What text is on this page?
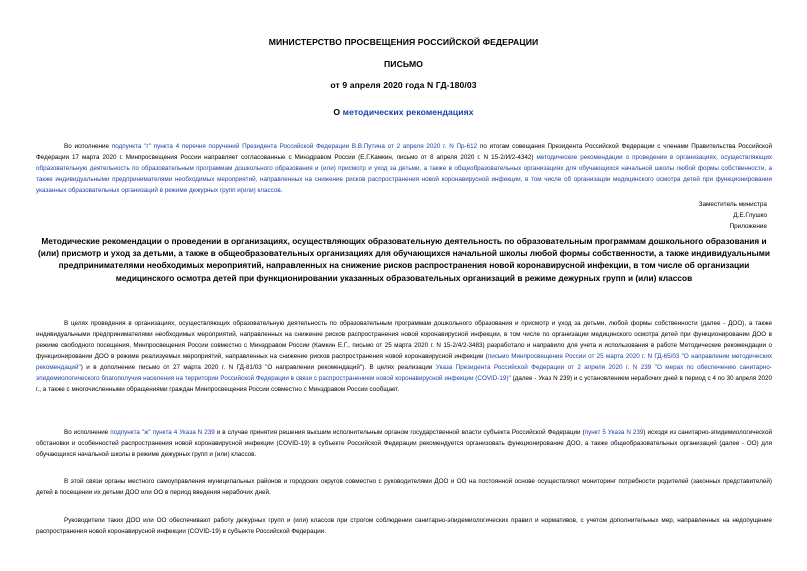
МИНИСТЕРСТВО ПРОСВЕЩЕНИЯ РОССИЙСКОЙ ФЕДЕРАЦИИ
ПИСЬМО
от 9 апреля 2020 года N ГД-180/03
О методических рекомендациях

Во исполнение подпункта "г" пункта 4 перечня поручений Президента Российской Федерации В.В.Путина от 2 апреля 2020 г. N Пр-612 по итогам совещания Президента Российской Федерации с членами Правительства Российской Федерации 17 марта 2020 г. Минпросвещения России направляет согласованные с Минздравом России (Е.Г.Камкин, письмо от 8 апреля 2020 г. N 15-2/И/2-4342) методические рекомендации о проведении в организациях, осуществляющих образовательную деятельность по образовательным программам дошкольного образования и (или) присмотр и уход за детьми, а также в общеобразовательных организациях для обучающихся начальной школы любой формы собственности, а также индивидуальными предпринимателями необходимых мероприятий, направленных на снижение рисков распространения новой коронавирусной инфекции, в том числе об организации медицинского осмотра детей при функционировании указанных образовательных организаций в режиме дежурных групп и(или) классов.

Заместитель министра
Д.Е.Глушко
Приложение

Методические рекомендации о проведении в организациях, осуществляющих образовательную деятельность по образовательным программам дошкольного образования и (или) присмотр и уход за детьми, а также в общеобразовательных организациях для обучающихся начальной школы любой формы собственности, а также индивидуальными предпринимателями необходимых мероприятий, направленных на снижение рисков распространения новой коронавирусной инфекции, в том числе об организации медицинского осмотра детей при функционировании указанных образовательных организаций в режиме дежурных групп и (или) классов

В целях проведения в организациях, осуществляющих образовательную деятельность по образовательным программам дошкольного образования и присмотр и уход за детьми, любой формы собственности (далее - ДОО), а также индивидуальными предпринимателями необходимых мероприятий, направленных на снижение рисков распространения новой коронавирусной инфекции, в том числе по организации медицинского осмотра детей при функционировании ДОО в режиме свободного посещения, Минпросвещения России совместно с Минздравом России (Камкин Е.Г., письмо от 25 марта 2020 г. N 15-2/4/2-3483) разработало и направило для учета и использования в работе Методические рекомендации о функционировании ДОО в режиме реализуемых мероприятий, направленных на снижение рисков распространения новой коронавирусной инфекции (письмо Минпросвещения России от 25 марта 2020 г. N ГД-65/03 "О направлении методических рекомендаций") и в дополнение письмо от 27 марта 2020 г. N ГД-81/03 "О направлении рекомендаций"). В целях реализации Указа Президента Российской Федерации от 2 апреля 2020 г. N 239 "О мерах по обеспечению санитарно-эпидемиологического благополучия населения на территории Российской Федерации в связи с распространением новой коронавирусной инфекции (COVID-19)" (далее - Указ N 239) и с установлением нерабочих дней в период с 4 по 30 апреля 2020 г., а также с многочисленными обращениями граждан Минпросвещения России совместно с Минздравом России сообщает.

Во исполнение подпункта "ж" пункта 4 Указа N 239 и в случае принятия решения высшим исполнительным органом государственной власти субъекта Российской Федерации (пункт 5 Указа N 239) исходя из санитарно-эпидемиологической обстановки и особенностей распространения новой коронавирусной инфекции (COVID-19) в субъекте Российской Федерации рекомендуется организовать функционирование ДОО, а также общеобразовательных организаций (далее - ОО) для обучающихся начальной школы в режиме дежурных групп и (или) классов.

В этой связи органы местного самоуправления муниципальных районов и городских округов совместно с руководителями ДОО и ОО на постоянной основе осуществляют мониторинг потребности родителей (законных представителей) детей в посещении их детьми ДОО или ОО в период введения нерабочих дней.

Руководители таких ДОО или ОО обеспечивают работу дежурных групп и (или) классов при строгом соблюдении санитарно-эпидемиологических правил и нормативов, с учетом дополнительных мер, направленных на недопущение распространения новой коронавирусной инфекции (COVID-19) в субъекте Российской Федерации.
